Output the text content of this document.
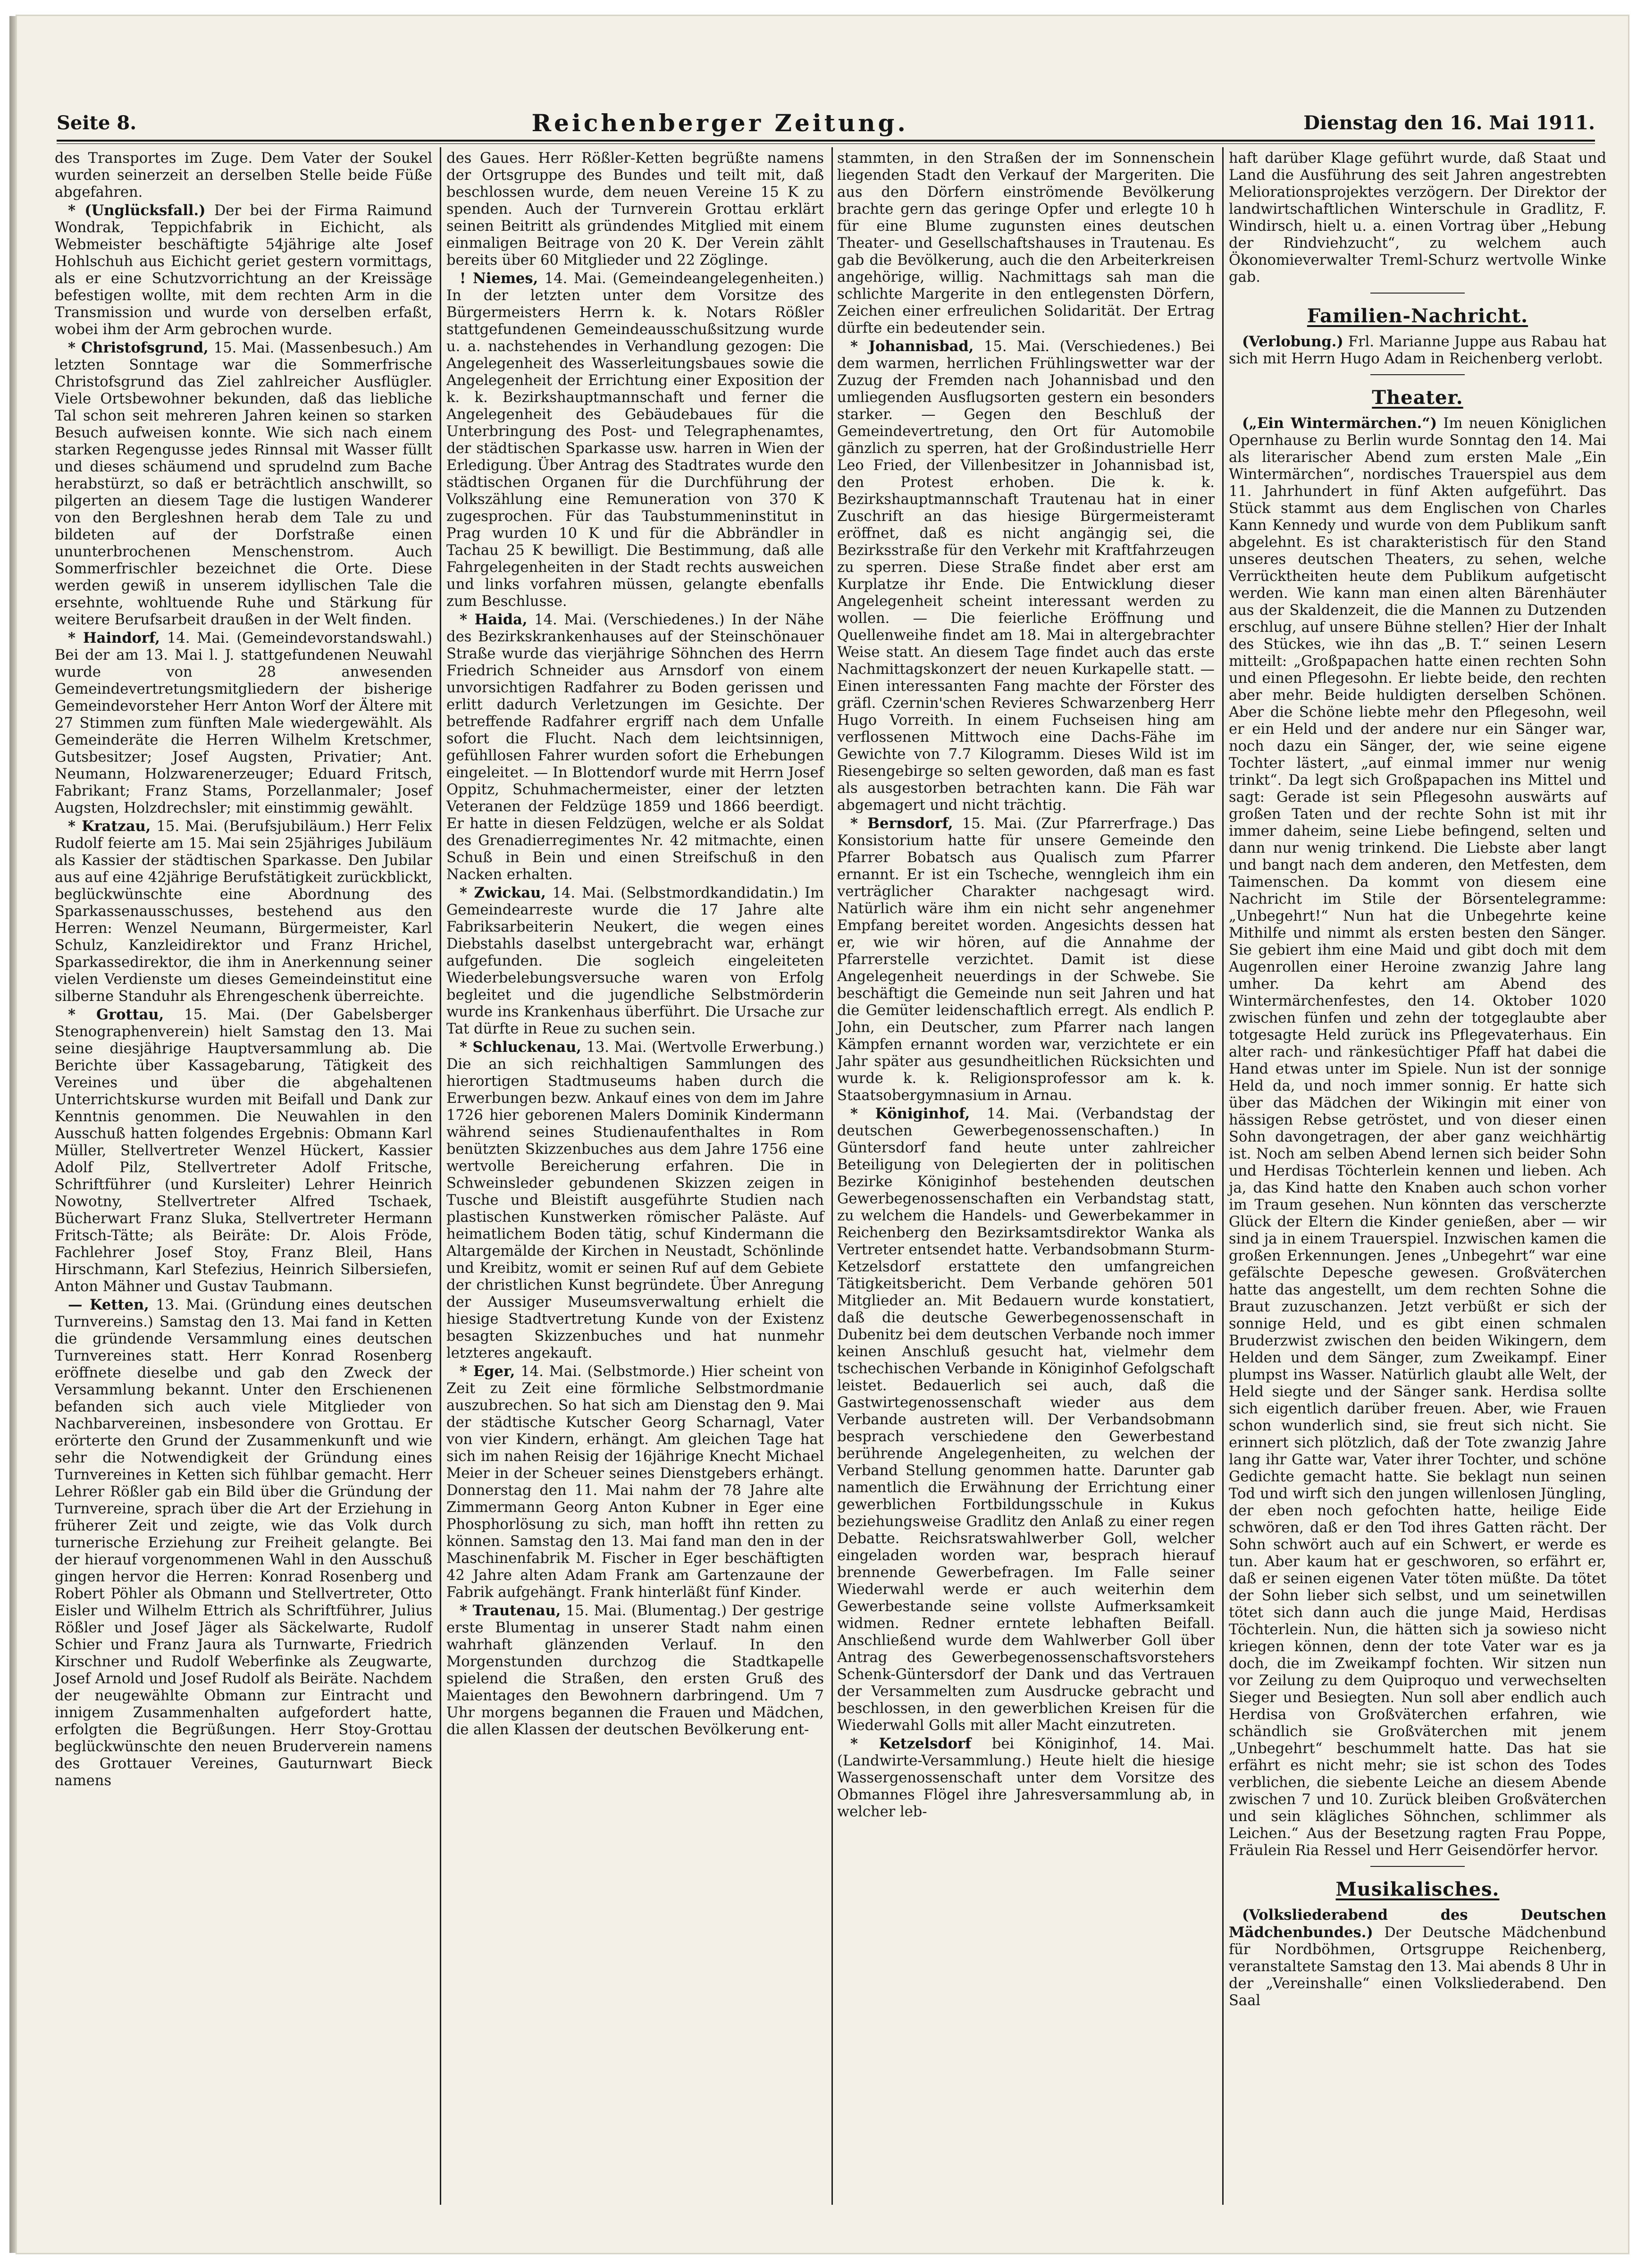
Seite 8.	Reichenberger Zeitung.	Dienstag den 16. Mai 1911.

des Transportes im Zuge. Dem Vater der Soukel wurden seinerzeit an derselben Stelle beide Füße abgefahren.

* (Unglücksfall.) Der bei der Firma Raimund Wondrak, Teppichfabrik in Eichicht, als Webmeister beschäftigte 54jährige alte Josef Hohlschuh aus Eichicht geriet gestern vormittags, als er eine Schutzvorrichtung an der Kreissäge befestigen wollte, mit dem rechten Arm in die Transmission und wurde von derselben erfaßt, wobei ihm der Arm gebrochen wurde.

* Christofsgrund, 15. Mai. (Massenbesuch.) Am letzten Sonntage war die Sommerfrische Christofsgrund das Ziel zahlreicher Ausflügler. Viele Ortsbewohner bekunden, daß das liebliche Tal schon seit mehreren Jahren keinen so starken Besuch aufweisen konnte. Wie sich nach einem starken Regengusse jedes Rinnsal mit Wasser füllt und dieses schäumend und sprudelnd zum Bache herabstürzt, so daß er beträchtlich anschwillt, so pilgerten an diesem Tage die lustigen Wanderer von den Bergleshnen herab dem Tale zu und bildeten auf der Dorfstraße einen ununterbrochenen Menschenstrom. Auch Sommerfrischler bezeichnet die Orte. Diese werden gewiß in unserem idyllischen Tale die ersehnte, wohltuende Ruhe und Stärkung für weitere Berufsarbeit draußen in der Welt finden.

* Haindorf, 14. Mai. (Gemeindevorstandswahl.) Bei der am 13. Mai l. J. stattgefundenen Neuwahl wurde von 28 anwesenden Gemeindevertretungsmitgliedern der bisherige Gemeindevorsteher Herr Anton Worf der Ältere mit 27 Stimmen zum fünften Male wiedergewählt. Als Gemeinderäte die Herren Wilhelm Kretschmer, Gutsbesitzer; Josef Augsten, Privatier; Ant. Neumann, Holzwarenerzeuger; Eduard Fritsch, Fabrikant; Franz Stams, Porzellanmaler; Josef Augsten, Holzdrechsler; mit einstimmig gewählt.

* Kratzau, 15. Mai. (Berufsjubiläum.) Herr Felix Rudolf feierte am 15. Mai sein 25jähriges Jubiläum als Kassier der städtischen Sparkasse. Den Jubilar aus auf eine 42jährige Berufstätigkeit zurückblickt, beglückwünschte eine Abordnung des Sparkassenausschusses, bestehend aus den Herren: Wenzel Neumann, Bürgermeister, Karl Schulz, Kanzleidirektor und Franz Hrichel, Sparkassedirektor, die ihm in Anerkennung seiner vielen Verdienste um dieses Gemeindeinstitut eine silberne Standuhr als Ehrengeschenk überreichte.

* Grottau, 15. Mai. (Der Gabelsberger Stenographenverein) hielt Samstag den 13. Mai seine diesjährige Hauptversammlung ab. Die Berichte über Kassagebarung, Tätigkeit des Vereines und über die abgehaltenen Unterrichtskurse wurden mit Beifall und Dank zur Kenntnis genommen. Die Neuwahlen in den Ausschuß hatten folgendes Ergebnis: Obmann Karl Müller, Stellvertreter Wenzel Hückert, Kassier Adolf Pilz, Stellvertreter Adolf Fritsche, Schriftführer (und Kursleiter) Lehrer Heinrich Nowotny, Stellvertreter Alfred Tschaek, Bücherwart Franz Sluka, Stellvertreter Hermann Fritsch-Tätte; als Beiräte: Dr. Alois Fröde, Fachlehrer Josef Stoy, Franz Bleil, Hans Hirschmann, Karl Stefezius, Heinrich Silbersiefen, Anton Mähner und Gustav Taubmann.

— Ketten, 13. Mai. (Gründung eines deutschen Turnvereins.) Samstag den 13. Mai fand in Ketten die gründende Versammlung eines deutschen Turnvereines statt. Herr Konrad Rosenberg eröffnete dieselbe und gab den Zweck der Versammlung bekannt. Unter den Erschienenen befanden sich auch viele Mitglieder von Nachbarvereinen, insbesondere von Grottau. Er erörterte den Grund der Zusammenkunft und wie sehr die Notwendigkeit der Gründung eines Turnvereines in Ketten sich fühlbar gemacht. Herr Lehrer Rößler gab ein Bild über die Gründung der Turnvereine, sprach über die Art der Erziehung in früherer Zeit und zeigte, wie das Volk durch turnerische Erziehung zur Freiheit gelangte. Bei der hierauf vorgenommenen Wahl in den Ausschuß gingen hervor die Herren: Konrad Rosenberg und Robert Pöhler als Obmann und Stellvertreter, Otto Eisler und Wilhelm Ettrich als Schriftführer, Julius Rößler und Josef Jäger als Säckelwarte, Rudolf Schier und Franz Jaura als Turnwarte, Friedrich Kirschner und Rudolf Weberfinke als Zeugwarte, Josef Arnold und Josef Rudolf als Beiräte. Nachdem der neugewählte Obmann zur Eintracht und innigem Zusammenhalten aufgefordert hatte, erfolgten die Begrüßungen. Herr Stoy-Grottau beglückwünschte den neuen Bruderverein namens des Grottauer Vereines, Gauturnwart Bieck namens

des Gaues. Herr Rößler-Ketten begrüßte namens der Ortsgruppe des Bundes und teilt mit, daß beschlossen wurde, dem neuen Vereine 15 K zu spenden. Auch der Turnverein Grottau erklärt seinen Beitritt als gründendes Mitglied mit einem einmaligen Beitrage von 20 K. Der Verein zählt bereits über 60 Mitglieder und 22 Zöglinge.

! Niemes, 14. Mai. (Gemeindeangelegenheiten.) In der letzten unter dem Vorsitze des Bürgermeisters Herrn k. k. Notars Rößler stattgefundenen Gemeindeausschußsitzung wurde u. a. nachstehendes in Verhandlung gezogen: Die Angelegenheit des Wasserleitungsbaues sowie die Angelegenheit der Errichtung einer Exposition der k. k. Bezirkshauptmannschaft und ferner die Angelegenheit des Gebäudebaues für die Unterbringung des Post- und Telegraphenamtes, der städtischen Sparkasse usw. harren in Wien der Erledigung. Über Antrag des Stadtrates wurde den städtischen Organen für die Durchführung der Volkszählung eine Remuneration von 370 K zugesprochen. Für das Taubstummeninstitut in Prag wurden 10 K und für die Abbrändler in Tachau 25 K bewilligt. Die Bestimmung, daß alle Fahrgelegenheiten in der Stadt rechts ausweichen und links vorfahren müssen, gelangte ebenfalls zum Beschlusse.

* Haida, 14. Mai. (Verschiedenes.) In der Nähe des Bezirkskrankenhauses auf der Steinschönauer Straße wurde das vierjährige Söhnchen des Herrn Friedrich Schneider aus Arnsdorf von einem unvorsichtigen Radfahrer zu Boden gerissen und erlitt dadurch Verletzungen im Gesichte. Der betreffende Radfahrer ergriff nach dem Unfalle sofort die Flucht. Nach dem leichtsinnigen, gefühllosen Fahrer wurden sofort die Erhebungen eingeleitet. — In Blottendorf wurde mit Herrn Josef Oppitz, Schuhmachermeister, einer der letzten Veteranen der Feldzüge 1859 und 1866 beerdigt. Er hatte in diesen Feldzügen, welche er als Soldat des Grenadierregimentes Nr. 42 mitmachte, einen Schuß in Bein und einen Streifschuß in den Nacken erhalten.

* Zwickau, 14. Mai. (Selbstmordkandidatin.) Im Gemeindearreste wurde die 17 Jahre alte Fabriksarbeiterin Neukert, die wegen eines Diebstahls daselbst untergebracht war, erhängt aufgefunden. Die sogleich eingeleiteten Wiederbelebungsversuche waren von Erfolg begleitet und die jugendliche Selbstmörderin wurde ins Krankenhaus überführt. Die Ursache zur Tat dürfte in Reue zu suchen sein.

* Schluckenau, 13. Mai. (Wertvolle Erwerbung.) Die an sich reichhaltigen Sammlungen des hierortigen Stadtmuseums haben durch die Erwerbungen bezw. Ankauf eines von dem im Jahre 1726 hier geborenen Malers Dominik Kindermann während seines Studienaufenthaltes in Rom benützten Skizzenbuches aus dem Jahre 1756 eine wertvolle Bereicherung erfahren. Die in Schweinsleder gebundenen Skizzen zeigen in Tusche und Bleistift ausgeführte Studien nach plastischen Kunstwerken römischer Paläste. Auf heimatlichem Boden tätig, schuf Kindermann die Altargemälde der Kirchen in Neustadt, Schönlinde und Kreibitz, womit er seinen Ruf auf dem Gebiete der christlichen Kunst begründete. Über Anregung der Aussiger Museumsverwaltung erhielt die hiesige Stadtvertretung Kunde von der Existenz besagten Skizzenbuches und hat nunmehr letzteres angekauft.

* Eger, 14. Mai. (Selbstmorde.) Hier scheint von Zeit zu Zeit eine förmliche Selbstmordmanie auszubrechen. So hat sich am Dienstag den 9. Mai der städtische Kutscher Georg Scharnagl, Vater von vier Kindern, erhängt. Am gleichen Tage hat sich im nahen Reisig der 16jährige Knecht Michael Meier in der Scheuer seines Dienstgebers erhängt. Donnerstag den 11. Mai nahm der 78 Jahre alte Zimmermann Georg Anton Kubner in Eger eine Phosphorlösung zu sich, man hofft ihn retten zu können. Samstag den 13. Mai fand man den in der Maschinenfabrik M. Fischer in Eger beschäftigten 42 Jahre alten Adam Frank am Gartenzaune der Fabrik aufgehängt. Frank hinterläßt fünf Kinder.

* Trautenau, 15. Mai. (Blumentag.) Der gestrige erste Blumentag in unserer Stadt nahm einen wahrhaft glänzenden Verlauf. In den Morgenstunden durchzog die Stadtkapelle spielend die Straßen, den ersten Gruß des Maientages den Bewohnern darbringend. Um 7 Uhr morgens begannen die Frauen und Mädchen, die allen Klassen der deutschen Bevölkerung ent-

stammten, in den Straßen der im Sonnenschein liegenden Stadt den Verkauf der Margeriten. Die aus den Dörfern einströmende Bevölkerung brachte gern das geringe Opfer und erlegte 10 h für eine Blume zugunsten eines deutschen Theater- und Gesellschaftshauses in Trautenau. Es gab die Bevölkerung, auch die den Arbeiterkreisen angehörige, willig. Nachmittags sah man die schlichte Margerite in den entlegensten Dörfern, Zeichen einer erfreulichen Solidarität. Der Ertrag dürfte ein bedeutender sein.

* Johannisbad, 15. Mai. (Verschiedenes.) Bei dem warmen, herrlichen Frühlingswetter war der Zuzug der Fremden nach Johannisbad und den umliegenden Ausflugsorten gestern ein besonders starker. — Gegen den Beschluß der Gemeindevertretung, den Ort für Automobile gänzlich zu sperren, hat der Großindustrielle Herr Leo Fried, der Villenbesitzer in Johannisbad ist, den Protest erhoben. Die k. k. Bezirkshauptmannschaft Trautenau hat in einer Zuschrift an das hiesige Bürgermeisteramt eröffnet, daß es nicht angängig sei, die Bezirksstraße für den Verkehr mit Kraftfahrzeugen zu sperren. Diese Straße findet aber erst am Kurplatze ihr Ende. Die Entwicklung dieser Angelegenheit scheint interessant werden zu wollen. — Die feierliche Eröffnung und Quellenweihe findet am 18. Mai in altergebrachter Weise statt. An diesem Tage findet auch das erste Nachmittagskonzert der neuen Kurkapelle statt. — Einen interessanten Fang machte der Förster des gräfl. Czernin'schen Revieres Schwarzenberg Herr Hugo Vorreith. In einem Fuchseisen hing am verflossenen Mittwoch eine Dachs-Fähe im Gewichte von 7.7 Kilogramm. Dieses Wild ist im Riesengebirge so selten geworden, daß man es fast als ausgestorben betrachten kann. Die Fäh war abgemagert und nicht trächtig.

* Bernsdorf, 15. Mai. (Zur Pfarrerfrage.) Das Konsistorium hatte für unsere Gemeinde den Pfarrer Bobatsch aus Qualisch zum Pfarrer ernannt. Er ist ein Tscheche, wenngleich ihm ein verträglicher Charakter nachgesagt wird. Natürlich wäre ihm ein nicht sehr angenehmer Empfang bereitet worden. Angesichts dessen hat er, wie wir hören, auf die Annahme der Pfarrerstelle verzichtet. Damit ist diese Angelegenheit neuerdings in der Schwebe. Sie beschäftigt die Gemeinde nun seit Jahren und hat die Gemüter leidenschaftlich erregt. Als endlich P. John, ein Deutscher, zum Pfarrer nach langen Kämpfen ernannt worden war, verzichtete er ein Jahr später aus gesundheitlichen Rücksichten und wurde k. k. Religionsprofessor am k. k. Staatsobergymnasium in Arnau.

* Königinhof, 14. Mai. (Verbandstag der deutschen Gewerbegenossenschaften.) In Güntersdorf fand heute unter zahlreicher Beteiligung von Delegierten der in politischen Bezirke Königinhof bestehenden deutschen Gewerbegenossenschaften ein Verbandstag statt, zu welchem die Handels- und Gewerbekammer in Reichenberg den Bezirksamtsdirektor Wanka als Vertreter entsendet hatte. Verbandsobmann Sturm-Ketzelsdorf erstattete den umfangreichen Tätigkeitsbericht. Dem Verbande gehören 501 Mitglieder an. Mit Bedauern wurde konstatiert, daß die deutsche Gewerbegenossenschaft in Dubenitz bei dem deutschen Verbande noch immer keinen Anschluß gesucht hat, vielmehr dem tschechischen Verbande in Königinhof Gefolgschaft leistet. Bedauerlich sei auch, daß die Gastwirtegenossenschaft wieder aus dem Verbande austreten will. Der Verbandsobmann besprach verschiedene den Gewerbestand berührende Angelegenheiten, zu welchen der Verband Stellung genommen hatte. Darunter gab namentlich die Erwähnung der Errichtung einer gewerblichen Fortbildungsschule in Kukus beziehungsweise Gradlitz den Anlaß zu einer regen Debatte. Reichsratswahlwerber Goll, welcher eingeladen worden war, besprach hierauf brennende Gewerbefragen. Im Falle seiner Wiederwahl werde er auch weiterhin dem Gewerbestande seine vollste Aufmerksamkeit widmen. Redner erntete lebhaften Beifall. Anschließend wurde dem Wahlwerber Goll über Antrag des Gewerbegenossenschaftsvorstehers Schenk-Güntersdorf der Dank und das Vertrauen der Versammelten zum Ausdrucke gebracht und beschlossen, in den gewerblichen Kreisen für die Wiederwahl Golls mit aller Macht einzutreten.

* Ketzelsdorf bei Königinhof, 14. Mai. (Landwirte-Versammlung.) Heute hielt die hiesige Wassergenossenschaft unter dem Vorsitze des Obmannes Flögel ihre Jahresversammlung ab, in welcher leb-

haft darüber Klage geführt wurde, daß Staat und Land die Ausführung des seit Jahren angestrebten Meliorationsprojektes verzögern. Der Direktor der landwirtschaftlichen Winterschule in Gradlitz, F. Windirsch, hielt u. a. einen Vortrag über „Hebung der Rindviehzucht“, zu welchem auch Ökonomieverwalter Treml-Schurz wertvolle Winke gab.

Familien-Nachricht.

(Verlobung.) Frl. Marianne Juppe aus Rabau hat sich mit Herrn Hugo Adam in Reichenberg verlobt.

Theater.

(„Ein Wintermärchen.“) Im neuen Königlichen Opernhause zu Berlin wurde Sonntag den 14. Mai als literarischer Abend zum ersten Male „Ein Wintermärchen“, nordisches Trauerspiel aus dem 11. Jahrhundert in fünf Akten aufgeführt. Das Stück stammt aus dem Englischen von Charles Kann Kennedy und wurde von dem Publikum sanft abgelehnt. Es ist charakteristisch für den Stand unseres deutschen Theaters, zu sehen, welche Verrücktheiten heute dem Publikum aufgetischt werden. Wie kann man einen alten Bärenhäuter aus der Skaldenzeit, die die Mannen zu Dutzenden erschlug, auf unsere Bühne stellen? Hier der Inhalt des Stückes, wie ihn das „B. T.“ seinen Lesern mitteilt: „Großpapachen hatte einen rechten Sohn und einen Pflegesohn. Er liebte beide, den rechten aber mehr. Beide huldigten derselben Schönen. Aber die Schöne liebte mehr den Pflegesohn, weil er ein Held und der andere nur ein Sänger war, noch dazu ein Sänger, der, wie seine eigene Tochter lästert, „auf einmal immer nur wenig trinkt“. Da legt sich Großpapachen ins Mittel und sagt: Gerade ist sein Pflegesohn auswärts auf großen Taten und der rechte Sohn ist mit ihr immer daheim, seine Liebe befingend, selten und dann nur wenig trinkend. Die Liebste aber langt und bangt nach dem anderen, den Metfesten, dem Taimenschen. Da kommt von diesem eine Nachricht im Stile der Börsentelegramme: „Unbegehrt!“ Nun hat die Unbegehrte keine Mithilfe und nimmt als ersten besten den Sänger. Sie gebiert ihm eine Maid und gibt doch mit dem Augenrollen einer Heroine zwanzig Jahre lang umher. Da kehrt am Abend des Wintermärchenfestes, den 14. Oktober 1020 zwischen fünfen und zehn der totgeglaubte aber totgesagte Held zurück ins Pflegevaterhaus. Ein alter rach- und ränkesüchtiger Pfaff hat dabei die Hand etwas unter im Spiele. Nun ist der sonnige Held da, und noch immer sonnig. Er hatte sich über das Mädchen der Wikingin mit einer von hässigen Rebse getröstet, und von dieser einen Sohn davongetragen, der aber ganz weichhärtig ist. Noch am selben Abend lernen sich beider Sohn und Herdisas Töchterlein kennen und lieben. Ach ja, das Kind hatte den Knaben auch schon vorher im Traum gesehen. Nun könnten das verscherzte Glück der Eltern die Kinder genießen, aber — wir sind ja in einem Trauerspiel. Inzwischen kamen die großen Erkennungen. Jenes „Unbegehrt“ war eine gefälschte Depesche gewesen. Großväterchen hatte das angestellt, um dem rechten Sohne die Braut zuzuschanzen. Jetzt verbüßt er sich der sonnige Held, und es gibt einen schmalen Bruderzwist zwischen den beiden Wikingern, dem Helden und dem Sänger, zum Zweikampf. Einer plumpst ins Wasser. Natürlich glaubt alle Welt, der Held siegte und der Sänger sank. Herdisa sollte sich eigentlich darüber freuen. Aber, wie Frauen schon wunderlich sind, sie freut sich nicht. Sie erinnert sich plötzlich, daß der Tote zwanzig Jahre lang ihr Gatte war, Vater ihrer Tochter, und schöne Gedichte gemacht hatte. Sie beklagt nun seinen Tod und wirft sich den jungen willenlosen Jüngling, der eben noch gefochten hatte, heilige Eide schwören, daß er den Tod ihres Gatten rächt. Der Sohn schwört auch auf ein Schwert, er werde es tun. Aber kaum hat er geschworen, so erfährt er, daß er seinen eigenen Vater töten müßte. Da tötet der Sohn lieber sich selbst, und um seinetwillen tötet sich dann auch die junge Maid, Herdisas Töchterlein. Nun, die hätten sich ja sowieso nicht kriegen können, denn der tote Vater war es ja doch, die im Zweikampf fochten. Wir sitzen nun vor Zeilung zu dem Quiproquo und verwechselten Sieger und Besiegten. Nun soll aber endlich auch Herdisa von Großväterchen erfahren, wie schändlich sie Großväterchen mit jenem „Unbegehrt“ beschummelt hatte. Das hat sie erfährt es nicht mehr; sie ist schon des Todes verblichen, die siebente Leiche an diesem Abende zwischen 7 und 10. Zurück bleiben Großväterchen und sein klägliches Söhnchen, schlimmer als Leichen.“ Aus der Besetzung ragten Frau Poppe, Fräulein Ria Ressel und Herr Geisendörfer hervor.

Musikalisches.

(Volksliederabend des Deutschen Mädchenbundes.) Der Deutsche Mädchenbund für Nordböhmen, Ortsgruppe Reichenberg, veranstaltete Samstag den 13. Mai abends 8 Uhr in der „Vereinshalle“ einen Volksliederabend. Den Saal
